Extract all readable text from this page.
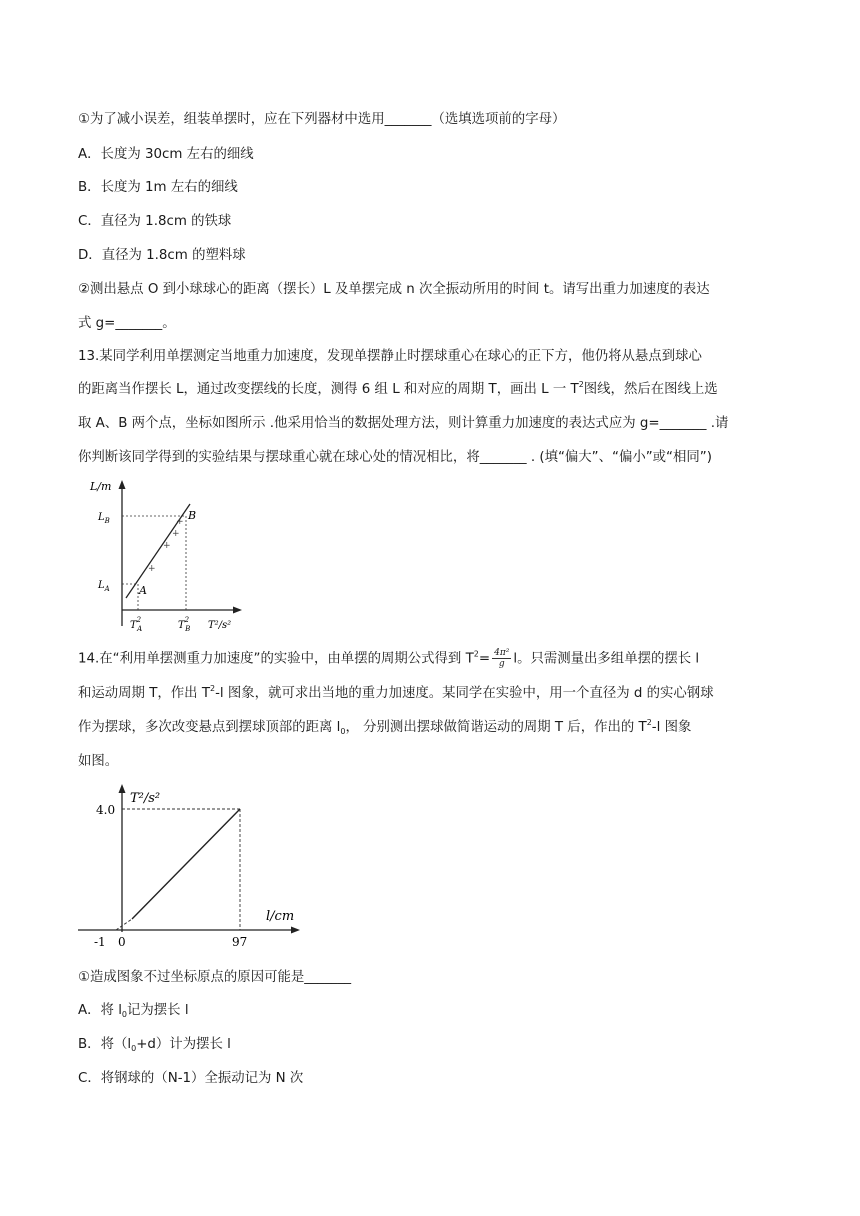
①为了减小误差，组装单摆时，应在下列器材中选用_______（选填选项前的字母）
A．长度为 30cm 左右的细线
B．长度为 1m 左右的细线
C．直径为 1.8cm 的铁球
D．直径为 1.8cm 的塑料球
②测出悬点 O 到小球球心的距离（摆长）L 及单摆完成 n 次全振动所用的时间 t。请写出重力加速度的表达
式 g=_______。
13.某同学利用单摆测定当地重力加速度，发现单摆静止时摆球重心在球心的正下方，他仍将从悬点到球心
的距离当作摆长 L，通过改变摆线的长度，测得 6 组 L 和对应的周期 T，画出 L 一 $T^2$图线，然后在图线上选
取 A、B 两个点，坐标如图所示 .他采用恰当的数据处理方法，则计算重力加速度的表达式应为 g=_______ .请
你判断该同学得到的实验结果与摆球重心就在球心处的情况相比，将_______ . (填“偏大”、“偏小”或“相同”)
+
+
+
+
L/m
$L_B$
$L_A$	A
B
$T^2$ A	$T^2$ B T²/s²
14.在“利用单摆测重力加速度”的实验中，由单摆的周期公式得到 $T^2= \frac{\text{4π²}}{g}$ l。只需测量出多组单摆的摆长 l
和运动周期 T，作出 $T^2-l$ 图象，就可求出当地的重力加速度。某同学在实验中，用一个直径为 d 的实心钢球
作为摆球，多次改变悬点到摆球顶部的距离 $l_0$， 分别测出摆球做简谐运动的周期 T 后，作出的 $T^2-l$ 图象
如图。
T²/s²
4.0
l/cm
-1 0	97
①造成图象不过坐标原点的原因可能是_______
A．将 $l_0$记为摆长 l
B．将$(l_0+d)$计为摆长 l
C．将钢球的（N-1）全振动记为 N 次
